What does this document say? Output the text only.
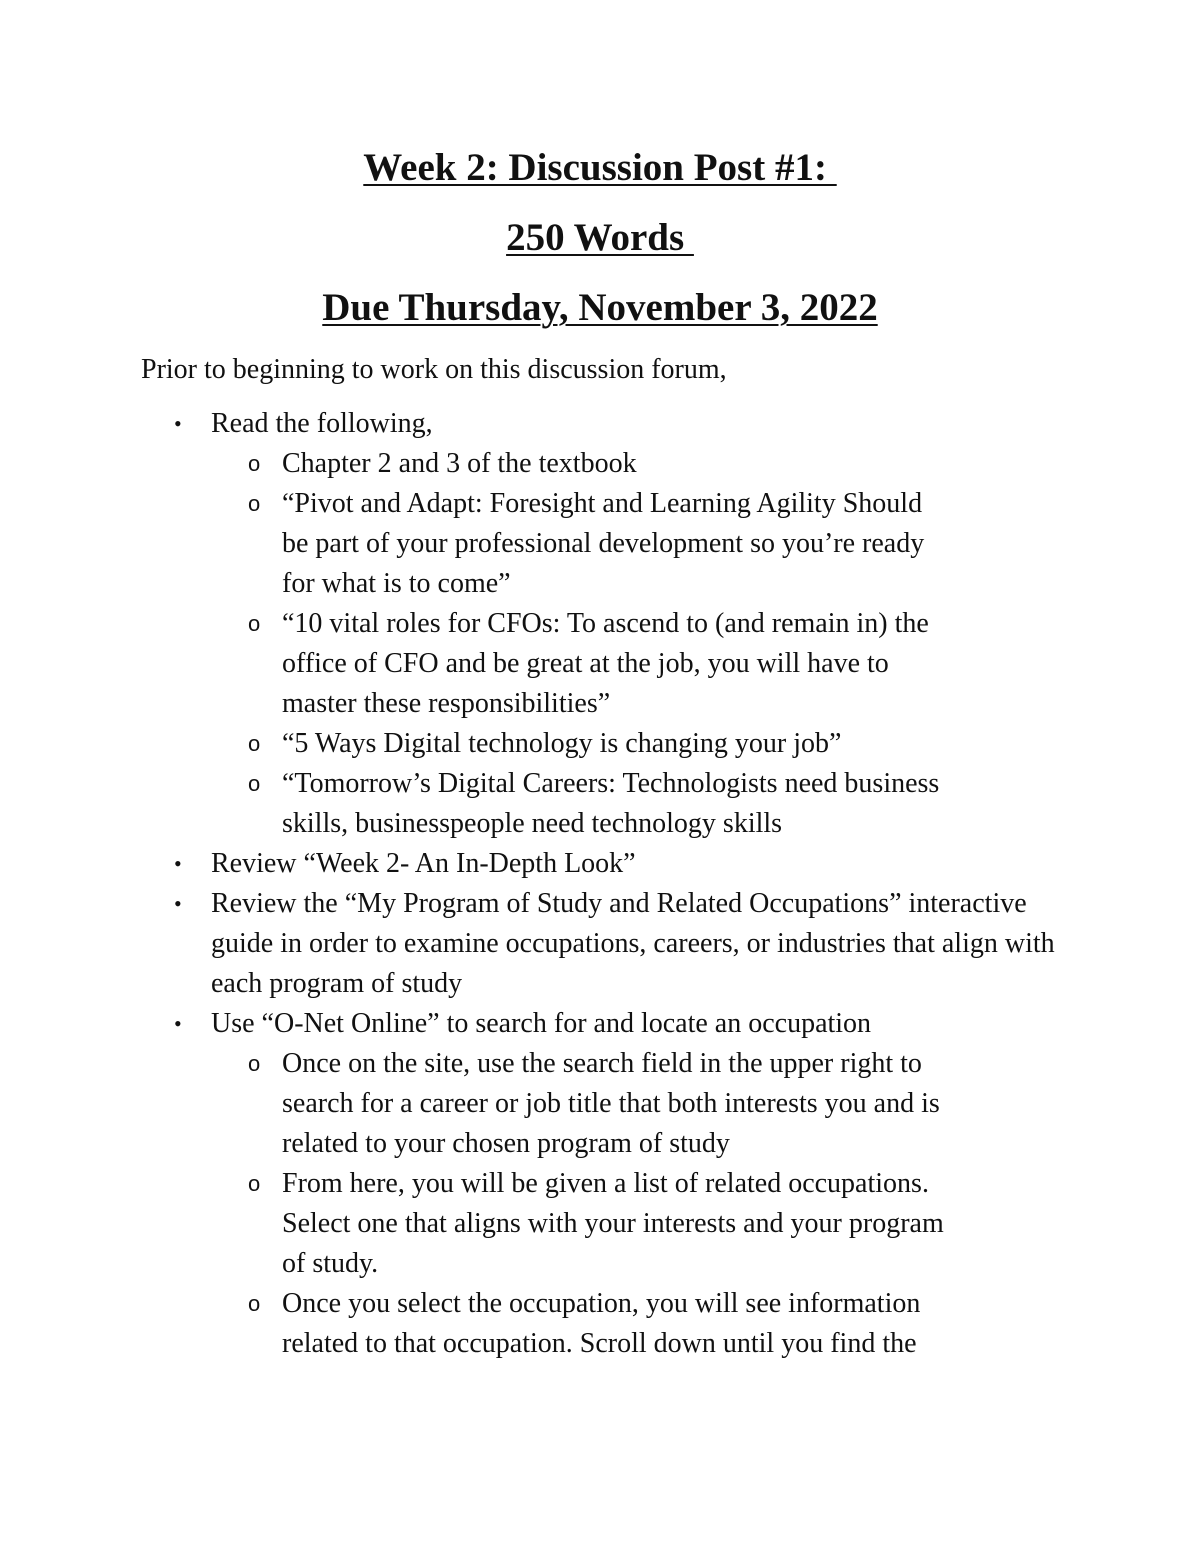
Week 2: Discussion Post #1:
250 Words
Due Thursday, November 3, 2022

Prior to beginning to work on this discussion forum,

• Read the following,
o Chapter 2 and 3 of the textbook
o “Pivot and Adapt: Foresight and Learning Agility Should be part of your professional development so you’re ready for what is to come”
o “10 vital roles for CFOs: To ascend to (and remain in) the office of CFO and be great at the job, you will have to master these responsibilities”
o “5 Ways Digital technology is changing your job”
o “Tomorrow’s Digital Careers: Technologists need business skills, businesspeople need technology skills
• Review “Week 2- An In-Depth Look”
• Review the “My Program of Study and Related Occupations” interactive guide in order to examine occupations, careers, or industries that align with each program of study
• Use “O-Net Online” to search for and locate an occupation
o Once on the site, use the search field in the upper right to search for a career or job title that both interests you and is related to your chosen program of study
o From here, you will be given a list of related occupations. Select one that aligns with your interests and your program of study.
o Once you select the occupation, you will see information related to that occupation. Scroll down until you find the
